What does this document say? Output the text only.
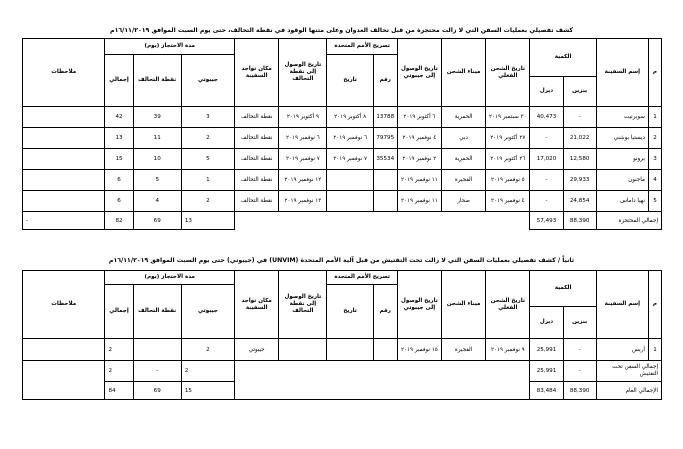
كشف تفصيلي بعمليات السفن التي لا زالت محتجزة من قبل تحالف العدوان وعلى متنها الوقود في نقطة التحالف، حتى يوم السبت الموافق ١٦/١١/٢٠١٩م
م	إسم السفينة	الكمية		تاريخ الشحن الفعلي	ميناء الشحن	تاريخ الوصول إلى جيبوتي	تصريح الأمم المتحدة		تاريخ الوصول إلى نقطة التحالف	مكان تواجد السفينة	مدة الاحتجاز (يوم)			ملاحظات
							رقم	تاريخ			جيبوتي	نقطة التحالف	إجمالي	
		بنزين	ديزل											
1	سوبرنيت	-	40,473	٣٠ سبتمبر ٢٠١٩	الحمرية	٦ أكتوبر ٢٠١٩	13788	٨ أكتوبر ٢٠١٩	٩ أكتوبر ٢٠١٩	نقطة التحالف	3	39	42	
2	ديستيا بوشني	21,022	-	٢٧ أكتوبر ٢٠١٩	دبي	٤ نوفمبر ٢٠١٩	79795	٦ نوفمبر ٢٠١٩	٦ نوفمبر ٢٠١٩	نقطة التحالف	2	11	13	
3	برونو	12,580	17,020	٢٦ أكتوبر ٢٠١٩	الحمرية	٢ نوفمبر ٢٠١٩	35534	٧ نوفمبر ٢٠١٩	٧ نوفمبر ٢٠١٩	نقطة التحالف	5	10	15	
4	ماجنون	29,933	-	٥ نوفمبر ٢٠١٩	الفجيرة	١١ نوفمبر ٢٠١٩			١٢ نوفمبر ٢٠١٩	نقطة التحالف	1	5	6	
5	نهيا داماس	24,854	-	٤ نوفمبر ٢٠١٩	صحار	١١ نوفمبر ٢٠١٩			١٣ نوفمبر ٢٠١٩	نقطة التحالف	2	4	6	
إجمالي المحتجزة		88,390	57,493								13	69	82	-
ثانياً / كشف تفصيلي بعمليات السفن التي لا زالت تحت التفتيش من قبل آلية الأمم المتحدة (UNVIM) في (جيبوتي) حتى يوم السبت الموافق ١٦/١١/٢٠١٩م
م	إسم السفينة	الكمية		تاريخ الشحن الفعلي	ميناء الشحن	تاريخ الوصول إلى جيبوتي	تصريح الأمم المتحدة		تاريخ الوصول إلى نقطة التحالف	مكان تواجد السفينة	مدة الاحتجاز (يوم)			ملاحظات
							رقم	تاريخ			جيبوتي	نقطة التحالف	إجمالي	
		بنزين	ديزل											
1	أريس	-	25,991	٩ نوفمبر ٢٠١٩	الفجيرة	١٥ نوفمبر ٢٠١٩				جيبوتي	2		2	
إجمالي السفن تحت التفتيش		-	25,991								2	-	2	
الإجمالي العام		88,390	83,484								15	69	84	
